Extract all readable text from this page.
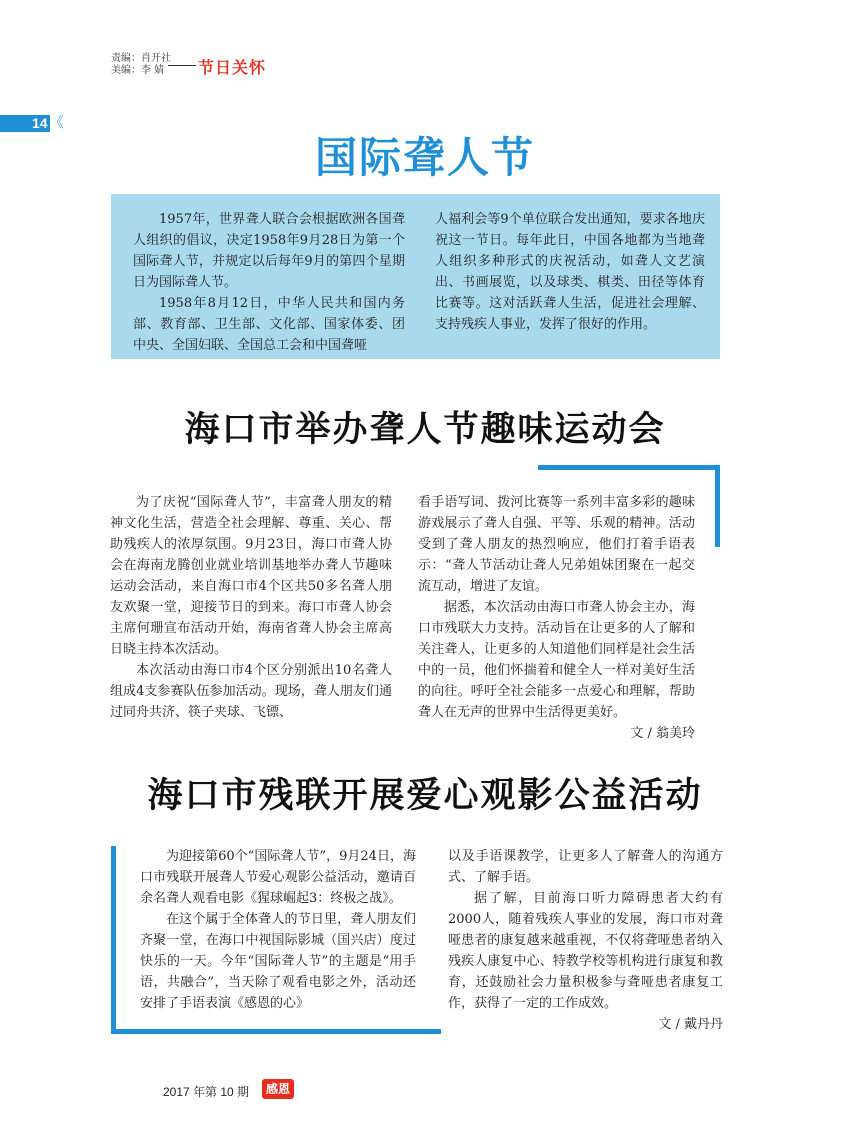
责编：肖开社
美编：李 婧	节日关怀
14 《
国际聋人节

1957年，世界聋人联合会根据欧洲各国聋人组织的倡议，决定1958年9月28日为第一个国际聋人节，并规定以后每年9月的第四个星期日为国际聋人节。

1958年8月12日，中华人民共和国内务部、教育部、卫生部、文化部、国家体委、团中央、全国妇联、全国总工会和中国聋哑

人福利会等9个单位联合发出通知，要求各地庆祝这一节日。每年此日，中国各地都为当地聋人组织多种形式的庆祝活动，如聋人文艺演出、书画展览，以及球类、棋类、田径等体育比赛等。这对活跃聋人生活，促进社会理解、支持残疾人事业，发挥了很好的作用。

海口市举办聋人节趣味运动会

为了庆祝“国际聋人节”，丰富聋人朋友的精神文化生活，营造全社会理解、尊重、关心、帮助残疾人的浓厚氛围。9月23日，海口市聋人协会在海南龙腾创业就业培训基地举办聋人节趣味运动会活动，来自海口市4个区共50多名聋人朋友欢聚一堂，迎接节日的到来。海口市聋人协会主席何珊宣布活动开始，海南省聋人协会主席高日晓主持本次活动。

本次活动由海口市4个区分别派出10名聋人组成4支参赛队伍参加活动。现场，聋人朋友们通过同舟共济、筷子夹球、飞镖、

看手语写词、拨河比赛等一系列丰富多彩的趣味游戏展示了聋人自强、平等、乐观的精神。活动受到了聋人朋友的热烈响应，他们打着手语表示：“聋人节活动让聋人兄弟姐妹团聚在一起交流互动，增进了友谊。

据悉，本次活动由海口市聋人协会主办，海口市残联大力支持。活动旨在让更多的人了解和关注聋人，让更多的人知道他们同样是社会生活中的一员，他们怀揣着和健全人一样对美好生活的向往。呼吁全社会能多一点爱心和理解，帮助聋人在无声的世界中生活得更美好。

文 / 翁美玲
海口市残联开展爱心观影公益活动

为迎接第60个“国际聋人节”，9月24日，海口市残联开展聋人节爱心观影公益活动，邀请百余名聋人观看电影《猩球崛起3：终极之战》。

在这个属于全体聋人的节日里，聋人朋友们齐聚一堂，在海口中视国际影城（国兴店）度过快乐的一天。今年“国际聋人节”的主题是“用手语，共融合”，当天除了观看电影之外，活动还安排了手语表演《感恩的心》

以及手语课教学，让更多人了解聋人的沟通方式、了解手语。

据了解，目前海口听力障碍患者大约有2000人，随着残疾人事业的发展，海口市对聋哑患者的康复越来越重视，不仅将聋哑患者纳入残疾人康复中心、特教学校等机构进行康复和教育，还鼓励社会力量积极参与聋哑患者康复工作，获得了一定的工作成效。

文 / 戴丹丹
2017 年第 10 期	感恩
